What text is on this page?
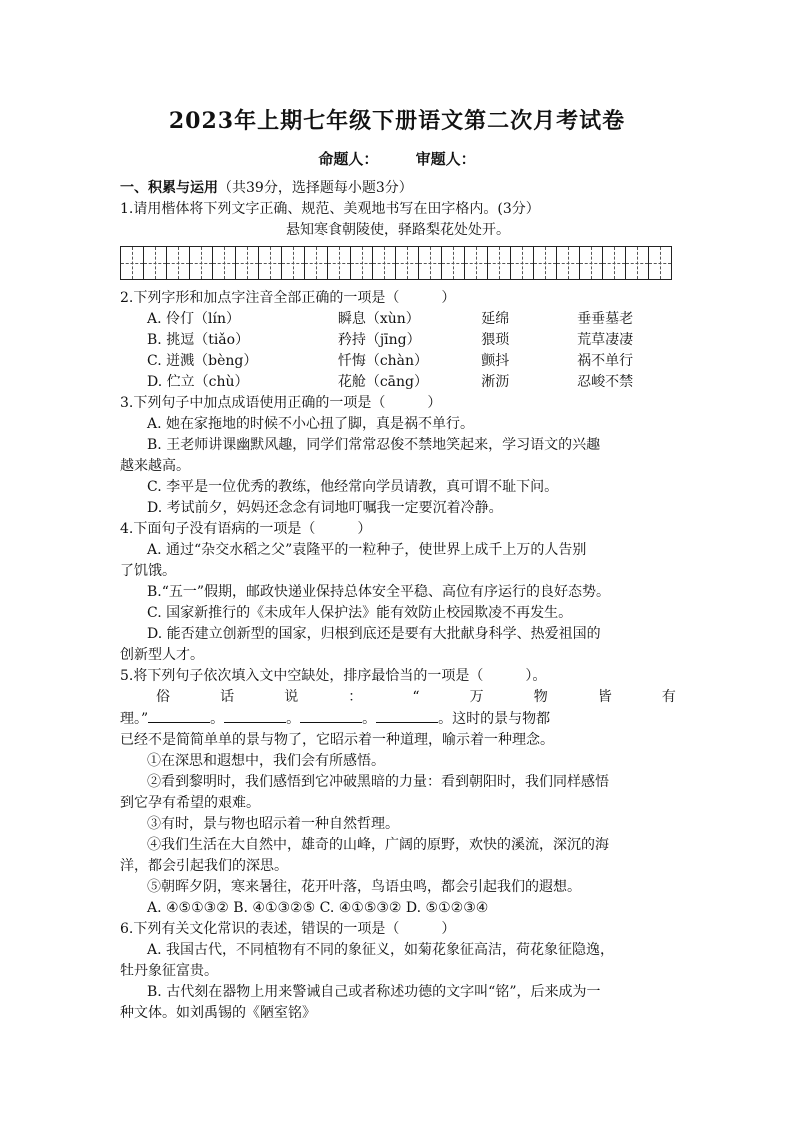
2023年上期七年级下册语文第二次月考试卷
命题人： 审题人：

一、积累与运用（共39分，选择题每小题3分）

1.请用楷体将下列文字正确、规范、美观地书写在田字格内。(3分）

悬知寒食朝陵使，驿路梨花处处开。

2.下列字形和加点字注音全部正确的一项是（　　　）

A. 伶仃（lín）	瞬息（xùn）	延绵	垂垂墓老
B. 挑逗（tiǎo）	矜持（jīng）	猥琐	荒草凄凄
C. 迸溅（bèng）	忏悔（chàn）	颤抖	祸不单行
D. 伫立（chù）	花舱（cāng）	淅沥	忍峻不禁

3.下列句子中加点成语使用正确的一项是（　　　）

A. 她在家拖地的时候不小心扭了脚，真是祸不单行。

B. 王老师讲课幽默风趣，同学们常常忍俊不禁地笑起来，学习语文的兴趣

越来越高。

C. 李平是一位优秀的教练，他经常向学员请教，真可谓不耻下问。

D. 考试前夕，妈妈还念念有词地叮嘱我一定要沉着冷静。

4.下面句子没有语病的一项是（　　　）

A. 通过“杂交水稻之父”袁隆平的一粒种子，使世界上成千上万的人告别

了饥饿。

B.“五一”假期，邮政快递业保持总体安全平稳、高位有序运行的良好态势。

C. 国家新推行的《未成年人保护法》能有效防止校园欺凌不再发生。

D. 能否建立创新型的国家，归根到底还是要有大批献身科学、热爱祖国的

创新型人才。

5.将下列句子依次填入文中空缺处，排序最恰当的一项是（　　　）。

俗	话	说	：	“	万	物	皆	有

理。”	。	。	。	。这时的景与物都

已经不是简简单单的景与物了，它昭示着一种道理，喻示着一种理念。

①在深思和遐想中，我们会有所感悟。

②看到黎明时，我们感悟到它冲破黑暗的力量：看到朝阳时，我们同样感悟

到它孕有希望的艰难。

③有时，景与物也昭示着一种自然哲理。

④我们生活在大自然中，雄奇的山峰，广阔的原野，欢快的溪流，深沉的海

洋，都会引起我们的深思。

⑤朝晖夕阴，寒来暑往，花开叶落，鸟语虫鸣，都会引起我们的遐想。

A. ④⑤①③② B. ④①③②⑤ C. ④①⑤③② D. ⑤①②③④

6.下列有关文化常识的表述，错误的一项是（　　　）

A. 我国古代，不同植物有不同的象征义，如菊花象征高洁，荷花象征隐逸，

牡丹象征富贵。

B. 古代刻在器物上用来警诫自己或者称述功德的文字叫“铭”，后来成为一

种文体。如刘禹锡的《陋室铭》
